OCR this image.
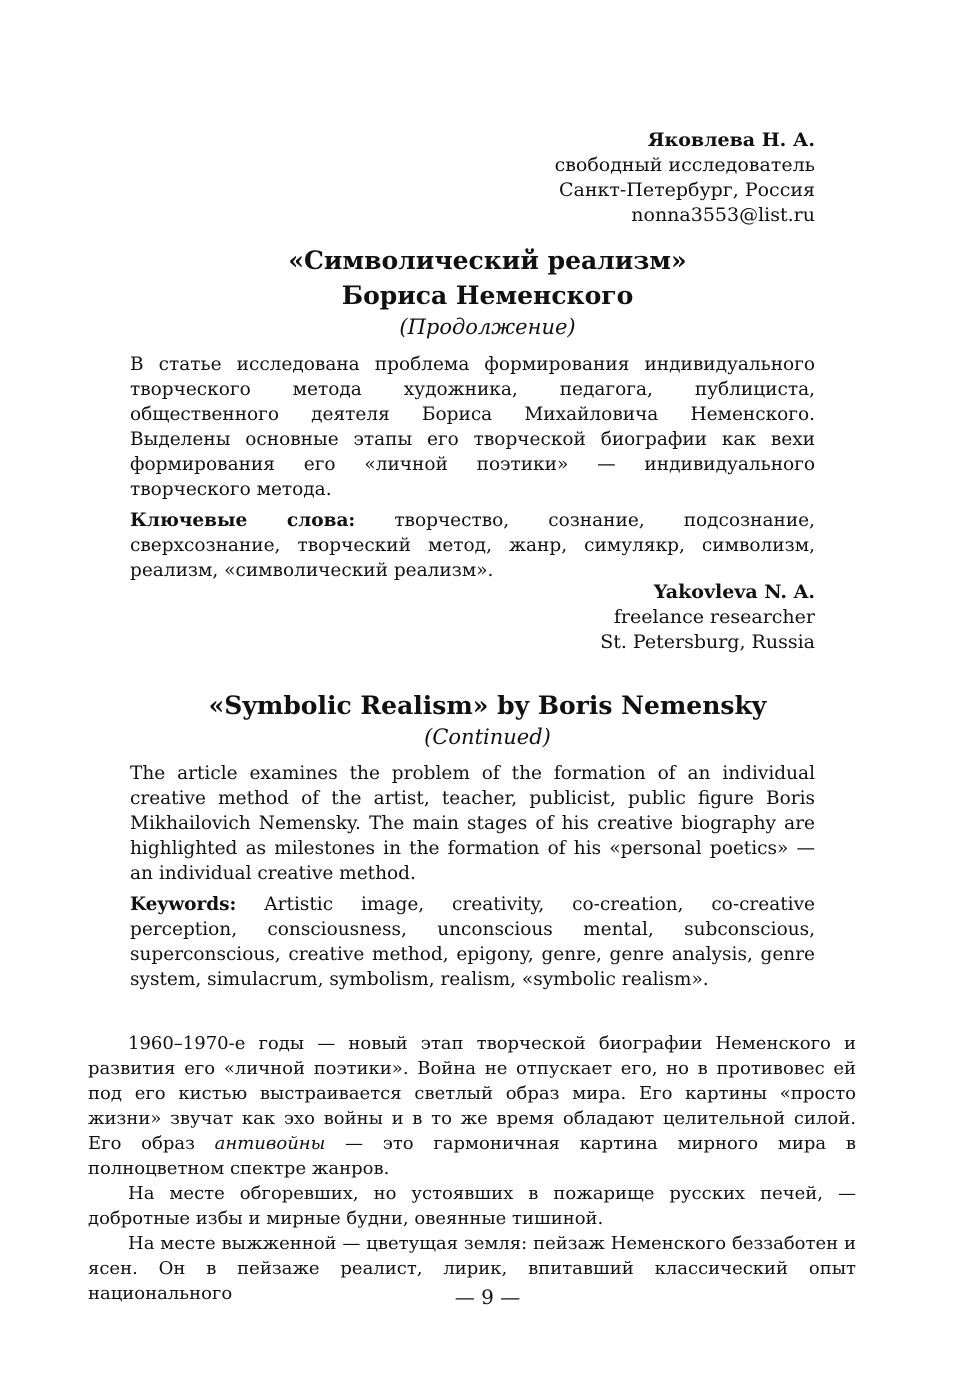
Яковлева Н. А.
свободный исследователь
Санкт-Петербург, Россия
nonna3553@list.ru
«Символический реализм»
Бориса Неменского
(Продолжение)

В статье исследована проблема формирования индивидуального творческого метода художника, педагога, публициста, общественного деятеля Бориса Михайловича Неменского. Выделены основные этапы его творческой биографии как вехи формирования его «личной поэтики» — индивидуального творческого метода.

Ключевые слова: творчество, сознание, подсознание, сверхсознание, творческий метод, жанр, симулякр, символизм, реализм, «символический реализм».

Yakovleva N. A.
freelance researcher
St. Petersburg, Russia
«Symbolic Realism» by Boris Nemensky
(Continued)

The article examines the problem of the formation of an individual creative method of the artist, teacher, publicist, public figure Boris Mikhailovich Nemensky. The main stages of his creative biography are highlighted as milestones in the formation of his «personal poetics» — an individual creative method.

Keywords: Artistic image, creativity, co-creation, co-creative perception, consciousness, unconscious mental, subconscious, superconscious, creative method, epigony, genre, genre analysis, genre system, simulacrum, symbolism, realism, «symbolic realism».

1960–1970-е годы — новый этап творческой биографии Неменского и развития его «личной поэтики». Война не отпускает его, но в противовес ей под его кистью выстраивается светлый образ мира. Его картины «просто жизни» звучат как эхо войны и в то же время обладают целительной силой. Его образ антивойны — это гармоничная картина мирного мира в полноцветном спектре жанров.

На месте обгоревших, но устоявших в пожарище русских печей, — добротные избы и мирные будни, овеянные тишиной.

На месте выжженной — цветущая земля: пейзаж Неменского беззаботен и ясен. Он в пейзаже реалист, лирик, впитавший классический опыт национального	— 9 —
